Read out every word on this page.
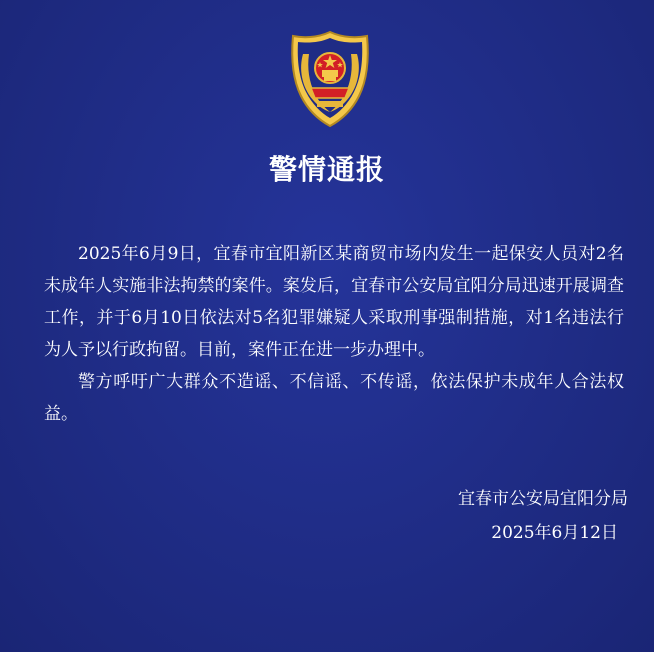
警情通报

2025年6月9日，宜春市宜阳新区某商贸市场内发生一起保安人员对2名未成年人实施非法拘禁的案件。案发后，宜春市公安局宜阳分局迅速开展调查工作，并于6月10日依法对5名犯罪嫌疑人采取刑事强制措施，对1名违法行为人予以行政拘留。目前，案件正在进一步办理中。

警方呼吁广大群众不造谣、不信谣、不传谣，依法保护未成年人合法权益。

宜春市公安局宜阳分局
2025年6月12日
